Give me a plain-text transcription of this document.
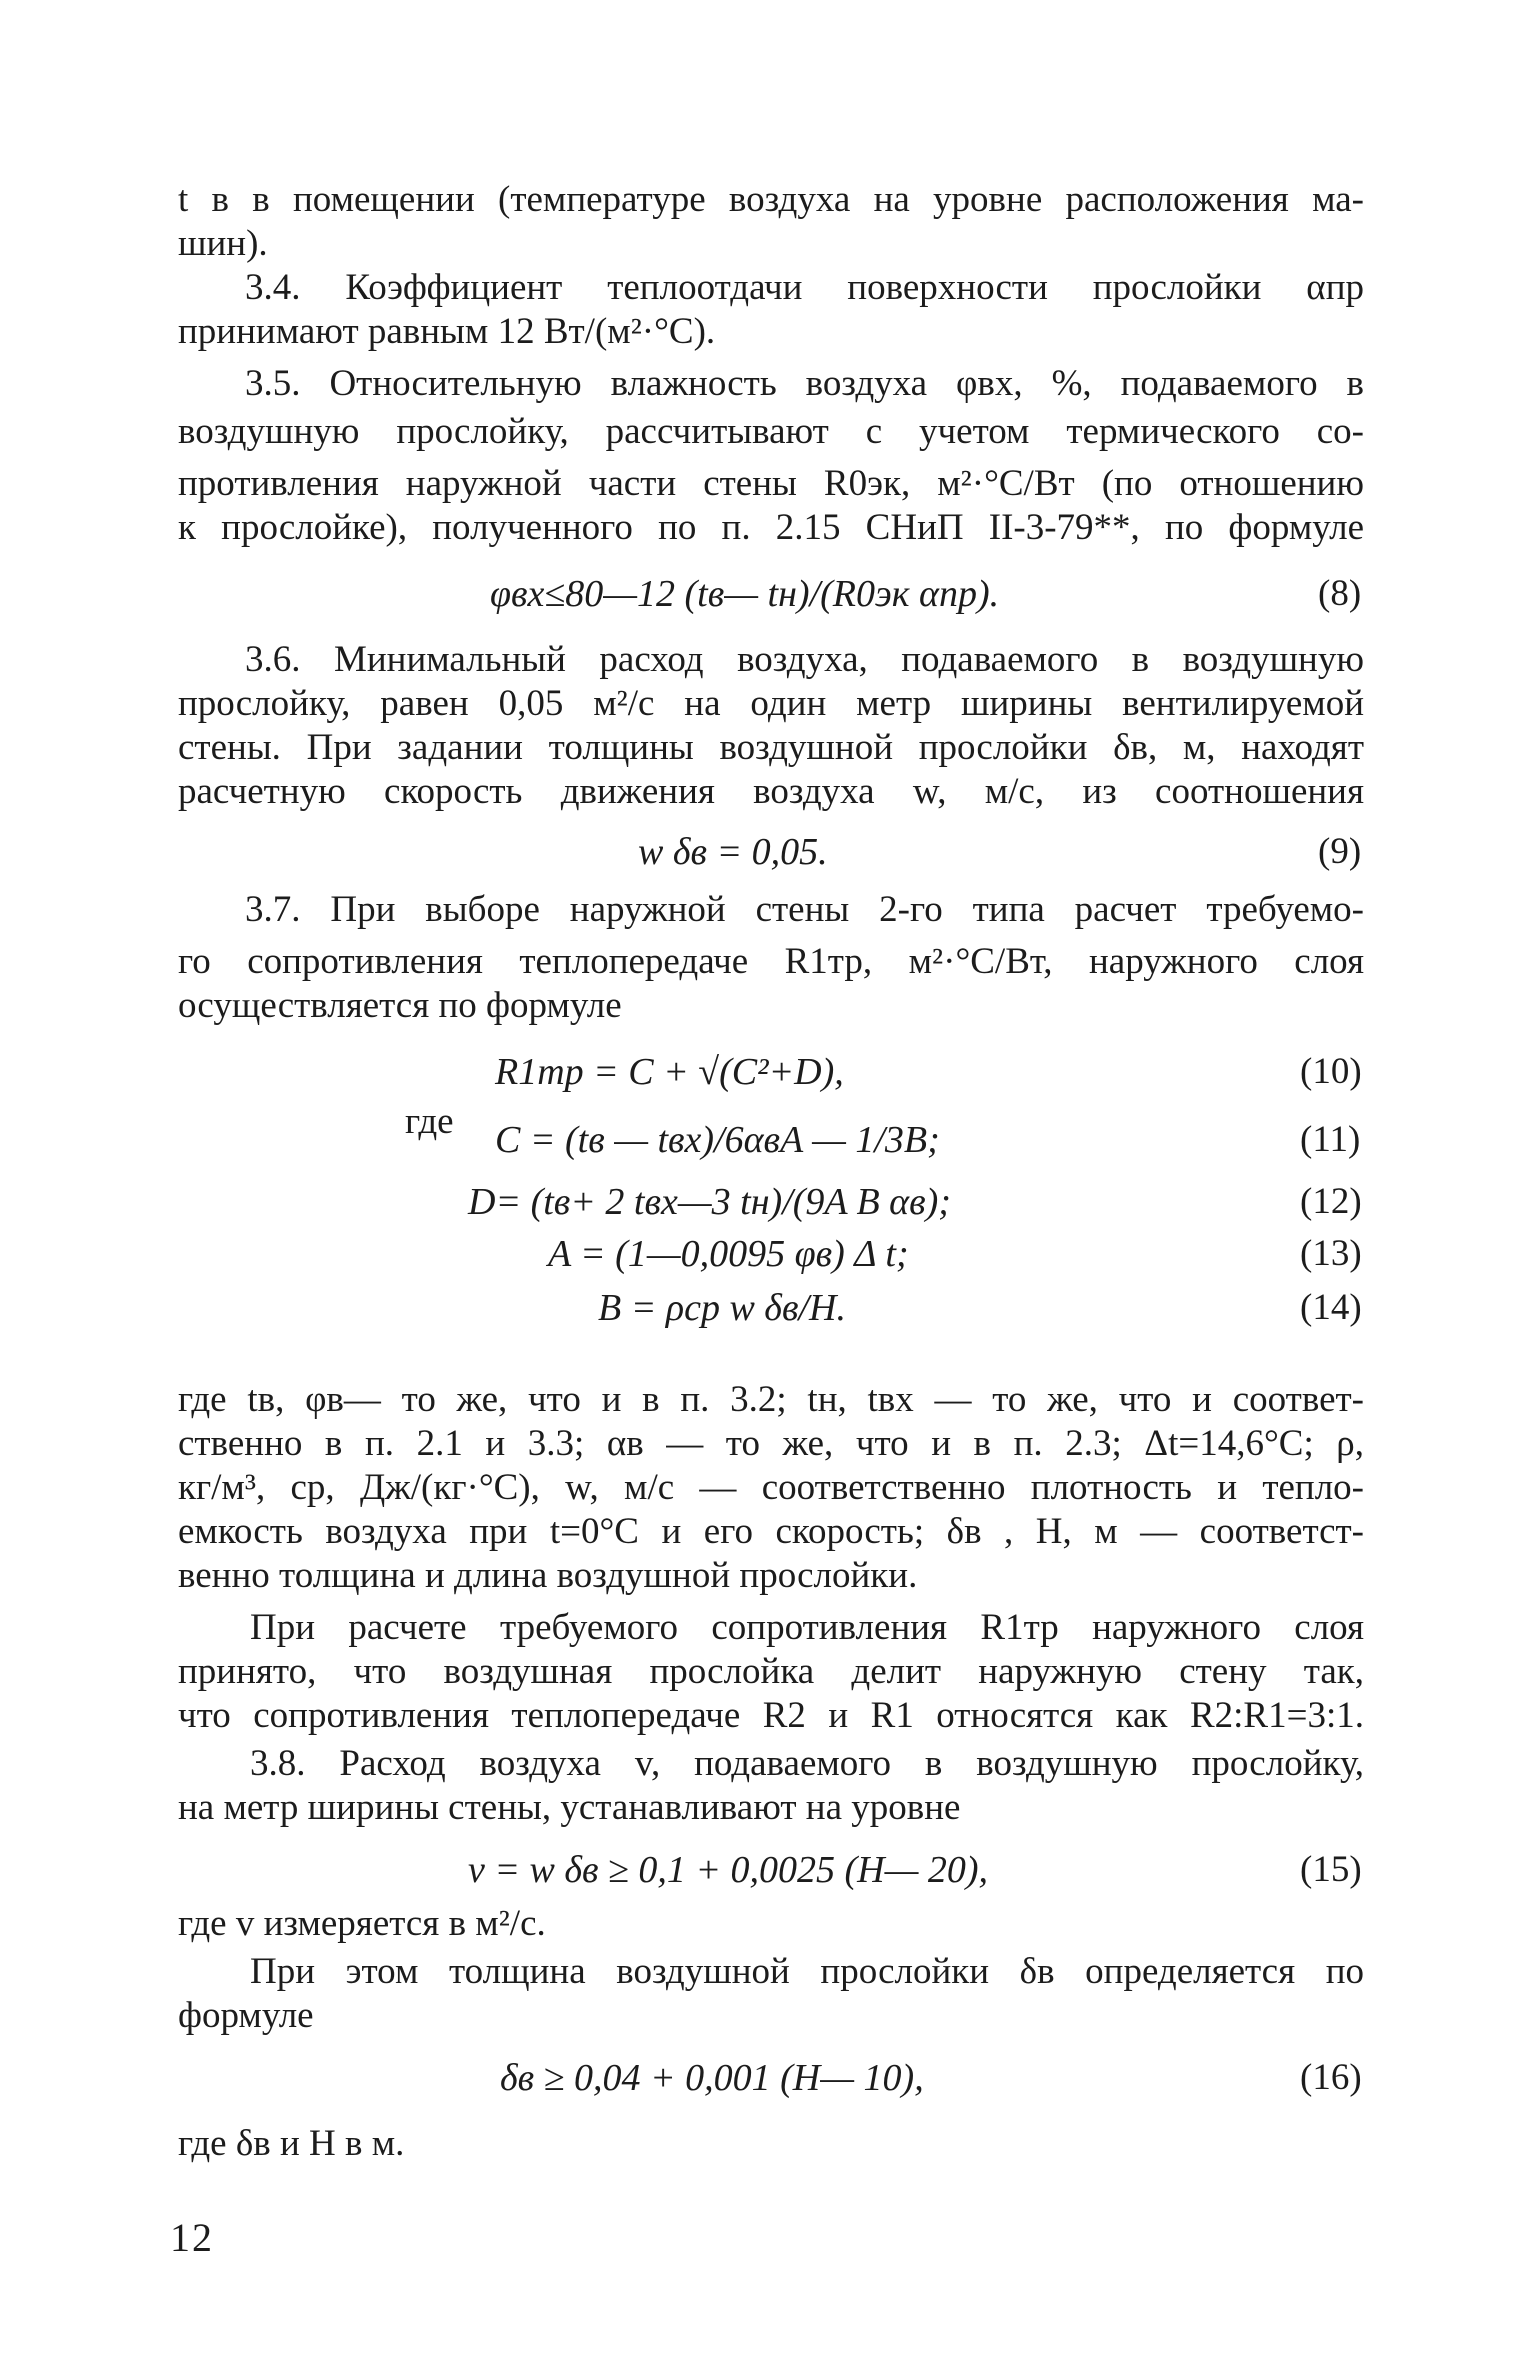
t в в помещении (температуре воздуха на уровне расположения ма-
шин).
3.4. Коэффициент теплоотдачи поверхности прослойки αпр
принимают равным 12 Вт/(м²·°С).
3.5. Относительную влажность воздуха φвх, %, подаваемого в
воздушную прослойку, рассчитывают с учетом термического со-
противления наружной части стены R0эк, м²·°С/Вт (по отношению
к прослойке), полученного по п. 2.15 СНиП II-3-79**, по формуле
φвх≤80—12 (tв— tн)/(R0эк αпр).	(8)
3.6. Минимальный расход воздуха, подаваемого в воздушную
прослойку, равен 0,05 м²/с на один метр ширины вентилируемой
стены. При задании толщины воздушной прослойки δв, м, находят
расчетную скорость движения воздуха w, м/с, из соотношения
w δв = 0,05.	(9)
3.7. При выборе наружной стены 2-го типа расчет требуемо-
го сопротивления теплопередаче R1тр, м²·°С/Вт, наружного слоя
осуществляется по формуле
R1тр = C + √(C²+D),	(10)
где C = (tв — tвх)/6αвA — 1/3B;	(11)
D= (tв+ 2 tвх—3 tн)/(9A B αв);	(12)
A = (1—0,0095 φв) Δ t;	(13)
B = ρcр w δв/H.	(14)
где tв, φв— то же, что и в п. 3.2; tн, tвх — то же, что и соответ-
ственно в п. 2.1 и 3.3; αв — то же, что и в п. 2.3; Δt=14,6°С; ρ,
кг/м³, cр, Дж/(кг·°С), w, м/с — соответственно плотность и тепло-
емкость воздуха при t=0°С и его скорость; δв , H, м — соответст-
венно толщина и длина воздушной прослойки.
При расчете требуемого сопротивления R1тр наружного слоя
принято, что воздушная прослойка делит наружную стену так,
что сопротивления теплопередаче R2 и R1 относятся как R2:R1=3:1.
3.8. Расход воздуха v, подаваемого в воздушную прослойку,
на метр ширины стены, устанавливают на уровне
v = w δв ≥ 0,1 + 0,0025 (H— 20),	(15)
где v измеряется в м²/с.
При этом толщина воздушной прослойки δв определяется по
формуле
δв ≥ 0,04 + 0,001 (H— 10),	(16)
где δв и H в м.
12
